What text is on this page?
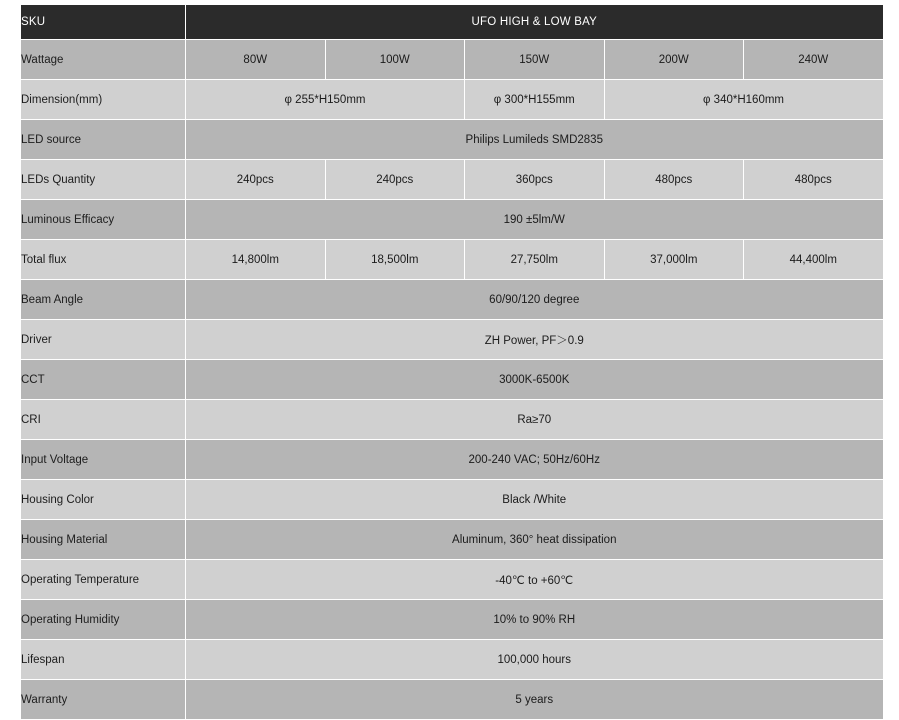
SKU	UFO HIGH & LOW BAY				
Wattage	80W	100W	150W	200W	240W
Dimension(mm)	φ 255*H150mm		φ 300*H155mm	φ 340*H160mm	
LED source	Philips Lumileds SMD2835				
LEDs Quantity	240pcs	240pcs	360pcs	480pcs	480pcs
Luminous Efficacy	190 ±5lm/W				
Total flux	14,800lm	18,500lm	27,750lm	37,000lm	44,400lm
Beam Angle	60/90/120 degree				
Driver	ZH Power, PF＞0.9				
CCT	3000K-6500K				
CRI	Ra≥70				
Input Voltage	200-240 VAC; 50Hz/60Hz				
Housing Color	Black /White				
Housing Material	Aluminum, 360° heat dissipation				
Operating Temperature	-40℃ to +60℃				
Operating Humidity	10% to 90% RH				
Lifespan	100,000 hours				
Warranty	5 years				
